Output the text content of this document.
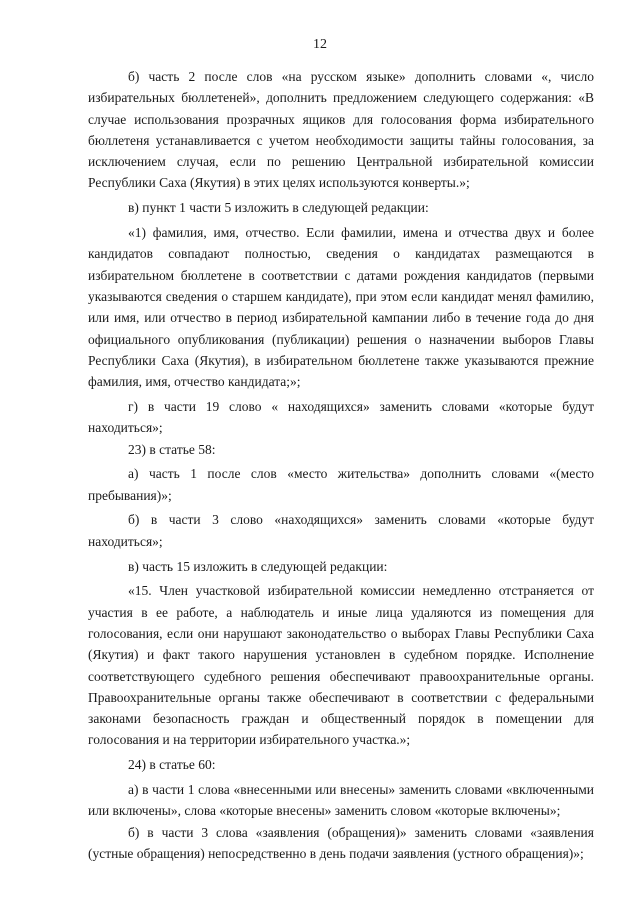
12

б) часть 2 после слов «на русском языке» дополнить словами «, число избирательных бюллетеней», дополнить предложением следующего содержания: «В случае использования прозрачных ящиков для голосования форма избирательного бюллетеня устанавливается с учетом необходимости защиты тайны голосования, за исключением случая, если по решению Центральной избирательной комиссии Республики Саха (Якутия) в этих целях используются конверты.»;

в) пункт 1 части 5 изложить в следующей редакции:

«1) фамилия, имя, отчество. Если фамилии, имена и отчества двух и более кандидатов совпадают полностью, сведения о кандидатах размещаются в избирательном бюллетене в соответствии с датами рождения кандидатов (первыми указываются сведения о старшем кандидате), при этом если кандидат менял фамилию, или имя, или отчество в период избирательной кампании либо в течение года до дня официального опубликования (публикации) решения о назначении выборов Главы Республики Саха (Якутия), в избирательном бюллетене также указываются прежние фамилия, имя, отчество кандидата;»;

г) в части 19 слово « находящихся» заменить словами «которые будут находиться»;

23) в статье 58:

а) часть 1 после слов «место жительства» дополнить словами «(место пребывания)»;

б) в части 3 слово «находящихся» заменить словами «которые будут находиться»;

в) часть 15 изложить в следующей редакции:

«15. Член участковой избирательной комиссии немедленно отстраняется от участия в ее работе, а наблюдатель и иные лица удаляются из помещения для голосования, если они нарушают законодательство о выборах Главы Республики Саха (Якутия) и факт такого нарушения установлен в судебном порядке. Исполнение соответствующего судебного решения обеспечивают правоохранительные органы. Правоохранительные органы также обеспечивают в соответствии с федеральными законами безопасность граждан и общественный порядок в помещении для голосования и на территории избирательного участка.»;

24) в статье 60:

а) в части 1 слова «внесенными или внесены» заменить словами «включенными или включены», слова «которые внесены» заменить словом «которые включены»;

б) в части 3 слова «заявления (обращения)» заменить словами «заявления (устные обращения) непосредственно в день подачи заявления (устного обращения)»;
